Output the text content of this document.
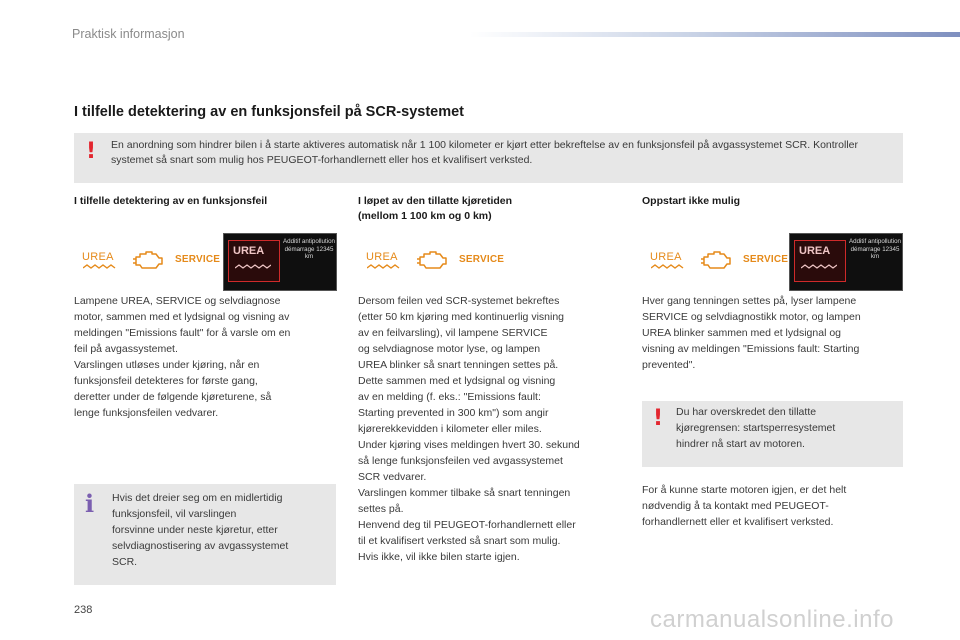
Praktisk informasjon
I tilfelle detektering av en funksjonsfeil på SCR-systemet
! En anordning som hindrer bilen i å starte aktiveres automatisk når 1 100 kilometer er kjørt etter bekreftelse av en funksjonsfeil på avgassystemet SCR. Kontroller systemet så snart som mulig hos PEUGEOT-forhandlernett eller hos et kvalifisert verksted.
I tilfelle detektering av en funksjonsfeil	I løpet av den tillatte kjøretiden
(mellom 1 100 km og 0 km)
Oppstart ikke mulig
UREA	SERVICE
UREA
Additif antipollution démarrage 12345 km	UREA	SERVICE	UREA	SERVICE
UREA
Additif antipollution démarrage 12345 km
Lampene UREA, SERVICE og selvdiagnose
motor, sammen med et lydsignal og visning av
meldingen "Emissions fault" for å varsle om en
feil på avgassystemet.
Varslingen utløses under kjøring, når en
funksjonsfeil detekteres for første gang,
deretter under de følgende kjøreturene, så
lenge funksjonsfeilen vedvarer.
i Hvis det dreier seg om en midlertidig
funksjonsfeil, vil varslingen
forsvinne under neste kjøretur, etter
selvdiagnostisering av avgassystemet
SCR.
Dersom feilen ved SCR-systemet bekreftes
(etter 50 km kjøring med kontinuerlig visning
av en feilvarsling), vil lampene SERVICE
og selvdiagnose motor lyse, og lampen
UREA blinker så snart tenningen settes på.
Dette sammen med et lydsignal og visning
av en melding (f. eks.: "Emissions fault:
Starting prevented in 300 km") som angir
kjørerekkevidden i kilometer eller miles.
Under kjøring vises meldingen hvert 30. sekund
så lenge funksjonsfeilen ved avgassystemet
SCR vedvarer.
Varslingen kommer tilbake så snart tenningen
settes på.
Henvend deg til PEUGEOT-forhandlernett eller
til et kvalifisert verksted så snart som mulig.
Hvis ikke, vil ikke bilen starte igjen.
Hver gang tenningen settes på, lyser lampene
SERVICE og selvdiagnostikk motor, og lampen
UREA blinker sammen med et lydsignal og
visning av meldingen "Emissions fault: Starting
prevented".
! Du har overskredet den tillatte
kjøregrensen: startsperresystemet
hindrer nå start av motoren.
For å kunne starte motoren igjen, er det helt
nødvendig å ta kontakt med PEUGEOT-
forhandlernett eller et kvalifisert verksted.
238	carmanualsonline.info
